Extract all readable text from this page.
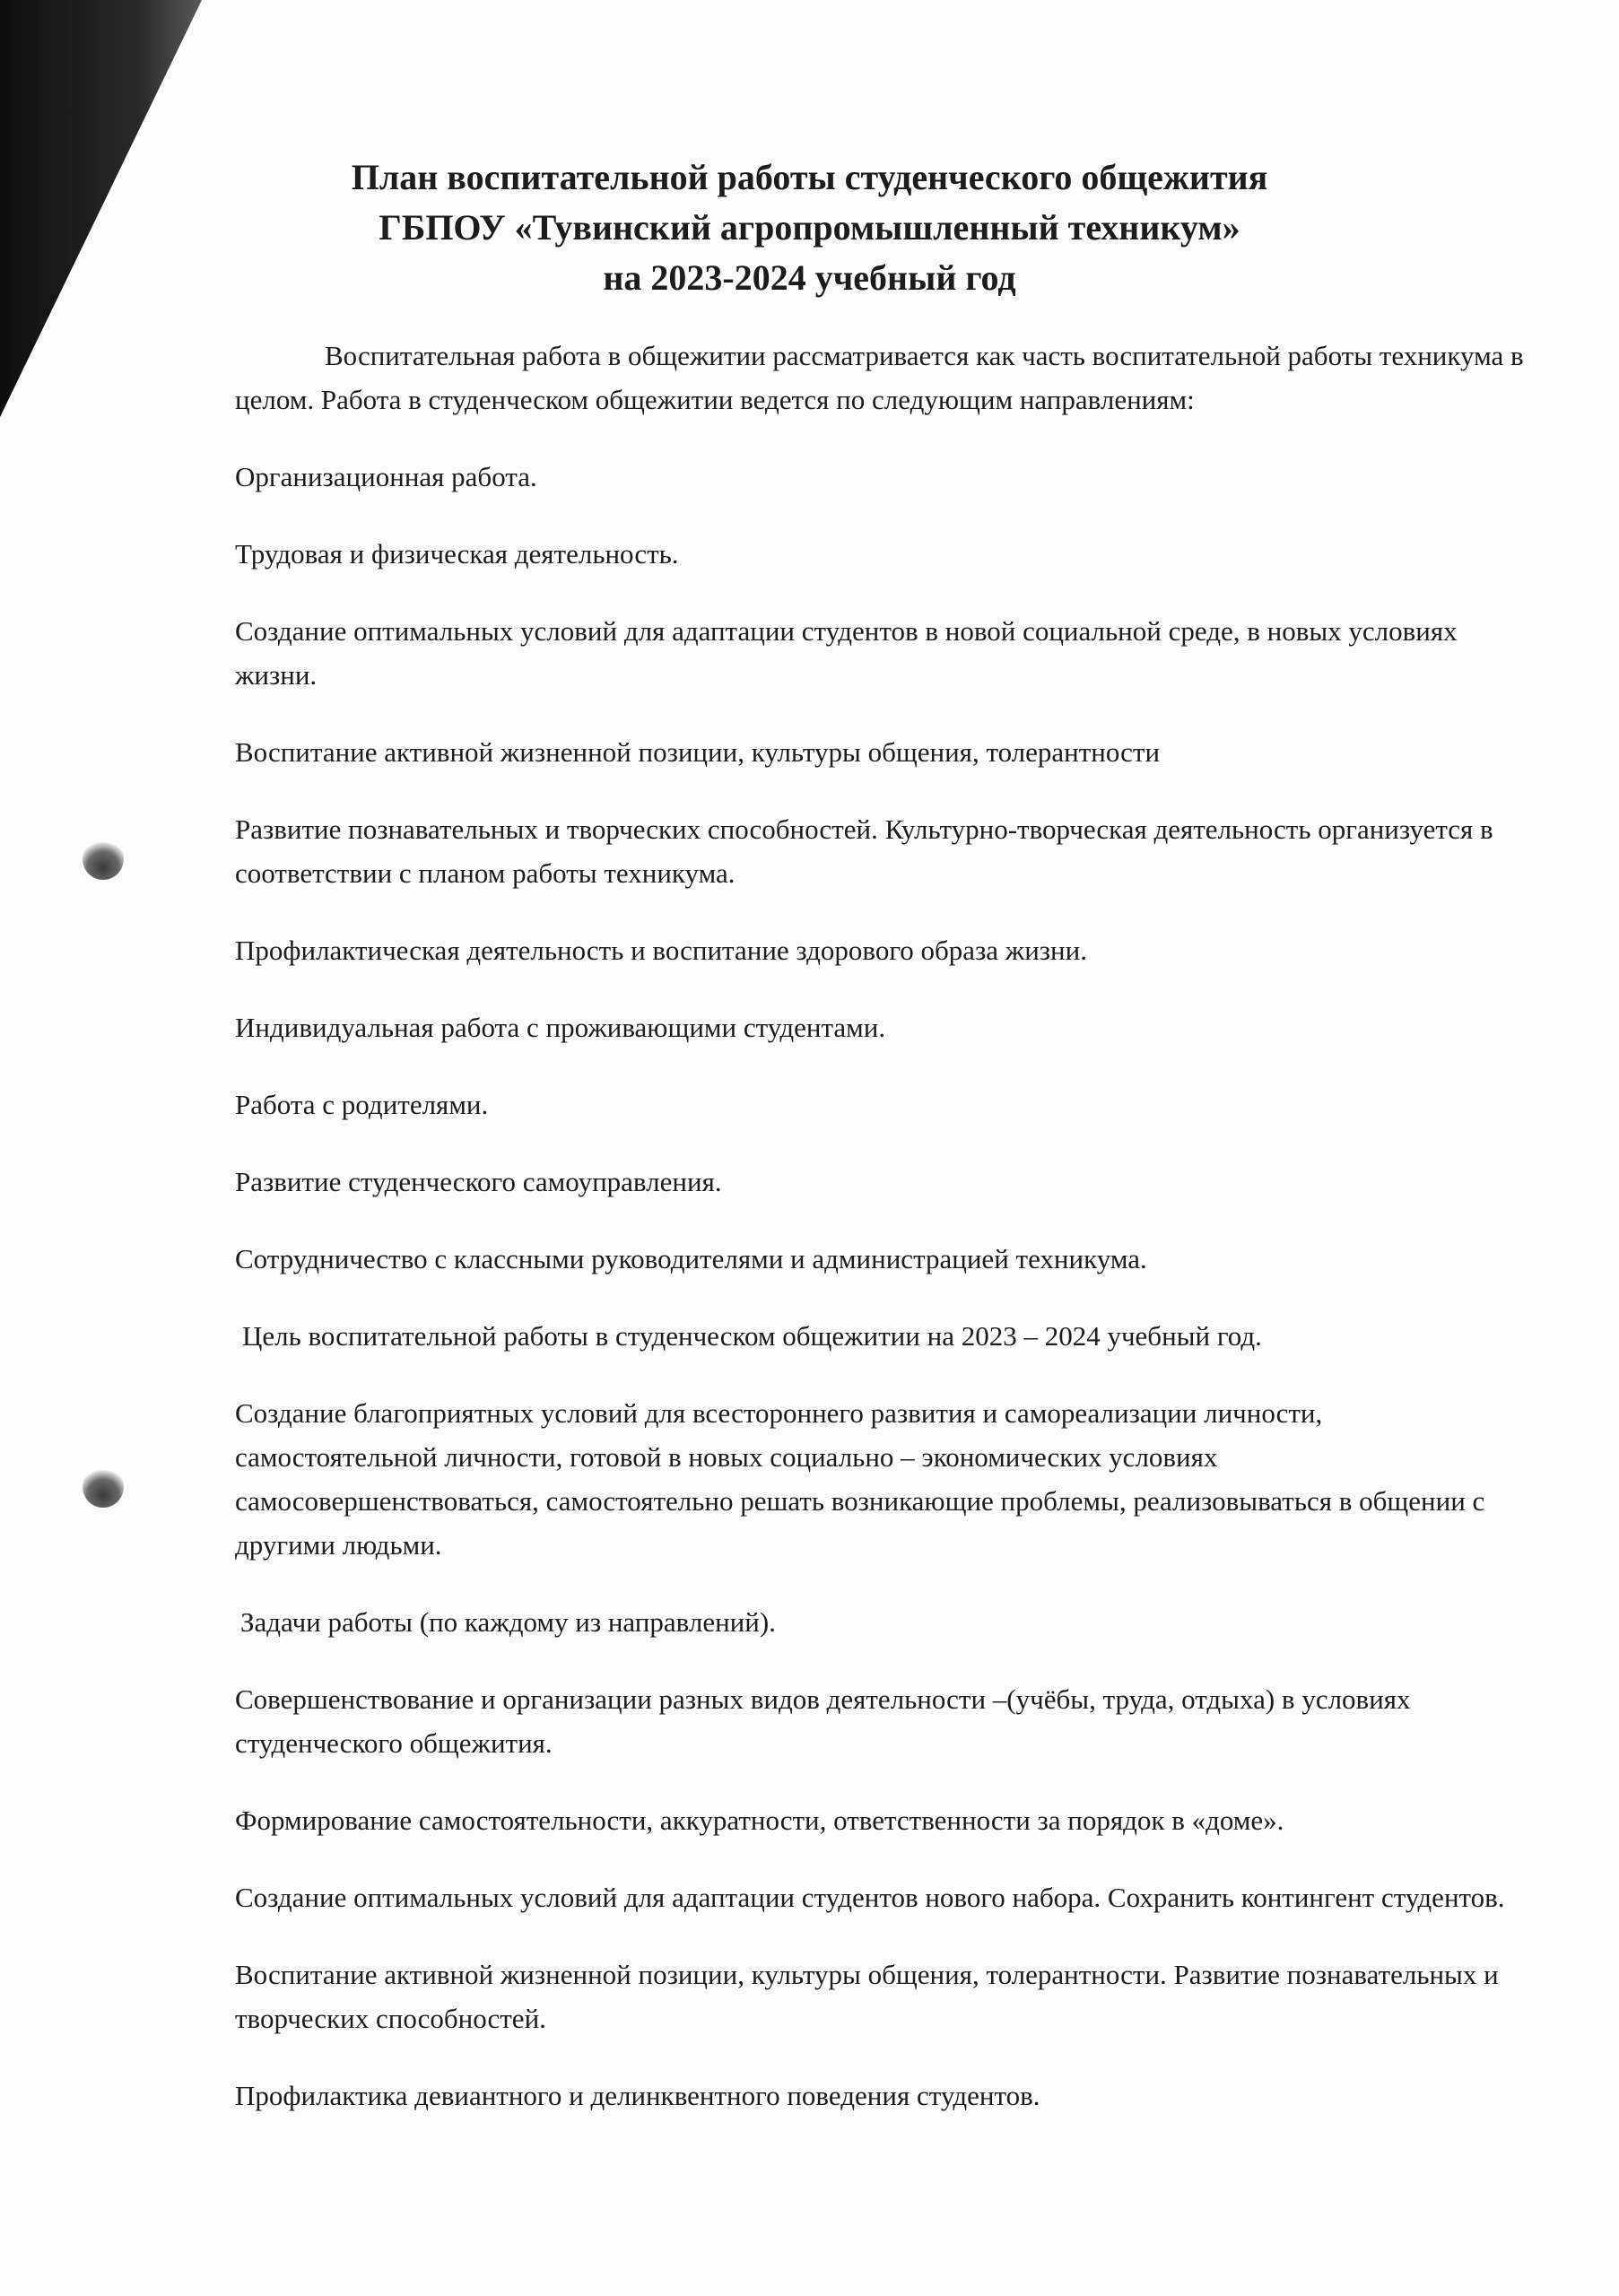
План воспитательной работы студенческого общежития
ГБПОУ «Тувинский агропромышленный техникум»
на 2023-2024 учебный год

Воспитательная работа в общежитии рассматривается как часть воспитательной работы техникума в целом. Работа в студенческом общежитии ведется по следующим направлениям:

Организационная работа.

Трудовая и физическая деятельность.

Создание оптимальных условий для адаптации студентов в новой социальной среде, в новых условиях жизни.

Воспитание активной жизненной позиции, культуры общения, толерантности

Развитие познавательных и творческих способностей. Культурно-творческая деятельность организуется в соответствии с планом работы техникума.

Профилактическая деятельность и воспитание здорового образа жизни.

Индивидуальная работа с проживающими студентами.

Работа с родителями.

Развитие студенческого самоуправления.

Сотрудничество с классными руководителями и администрацией техникума.

Цель воспитательной работы в студенческом общежитии на 2023 – 2024 учебный год.

Создание благоприятных условий для всестороннего развития и самореализации личности, самостоятельной личности, готовой в новых социально – экономических условиях самосовершенствоваться, самостоятельно решать возникающие проблемы, реализовываться в общении с другими людьми.

Задачи работы (по каждому из направлений).

Совершенствование и организации разных видов деятельности –(учёбы, труда, отдыха) в условиях студенческого общежития.

Формирование самостоятельности, аккуратности, ответственности за порядок в «доме».

Создание оптимальных условий для адаптации студентов нового набора. Сохранить контингент студентов.

Воспитание активной жизненной позиции, культуры общения, толерантности. Развитие познавательных и творческих способностей.

Профилактика девиантного и делинквентного поведения студентов.
